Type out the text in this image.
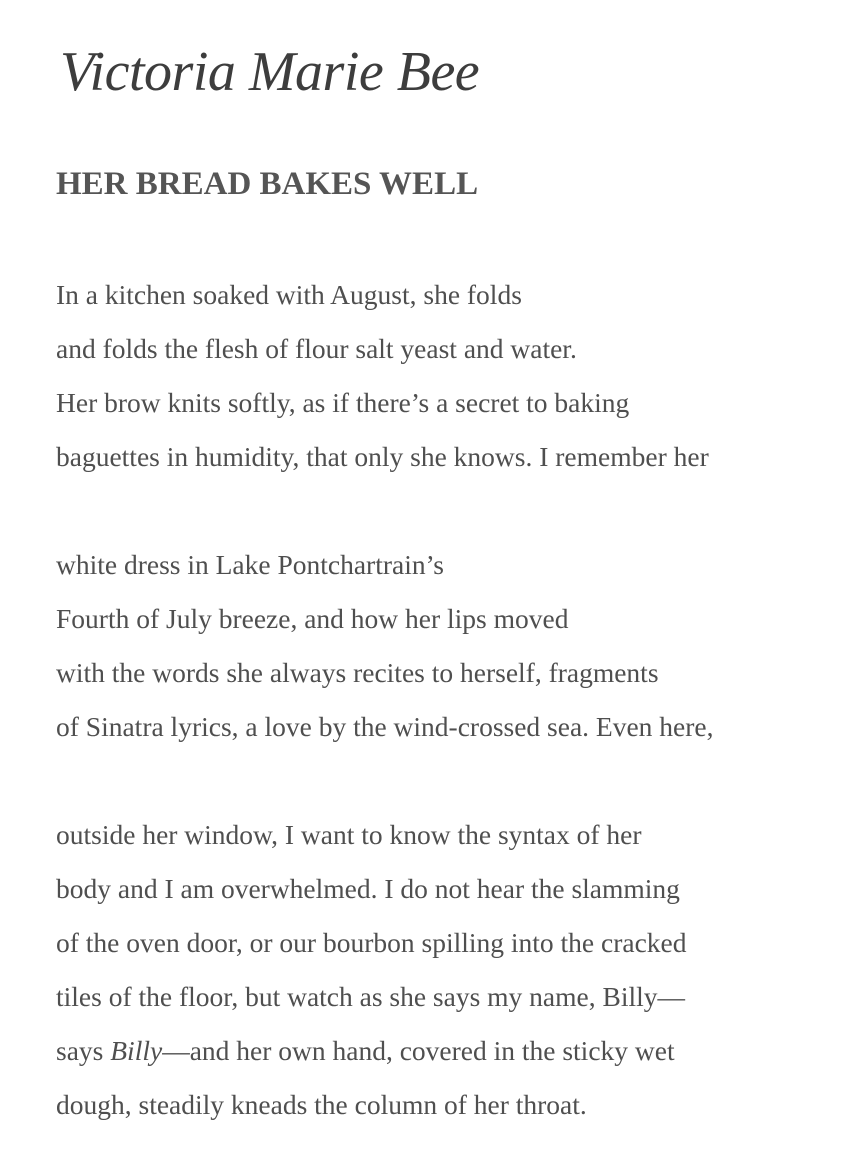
Victoria Marie Bee
HER BREAD BAKES WELL
In a kitchen soaked with August, she folds
and folds the flesh of flour salt yeast and water.
Her brow knits softly, as if there’s a secret to baking
baguettes in humidity, that only she knows. I remember her
white dress in Lake Pontchartrain’s
Fourth of July breeze, and how her lips moved
with the words she always recites to herself, fragments
of Sinatra lyrics, a love by the wind-crossed sea. Even here,
outside her window, I want to know the syntax of her
body and I am overwhelmed. I do not hear the slamming
of the oven door, or our bourbon spilling into the cracked
tiles of the floor, but watch as she says my name, Billy—
says Billy—and her own hand, covered in the sticky wet
dough, steadily kneads the column of her throat.
